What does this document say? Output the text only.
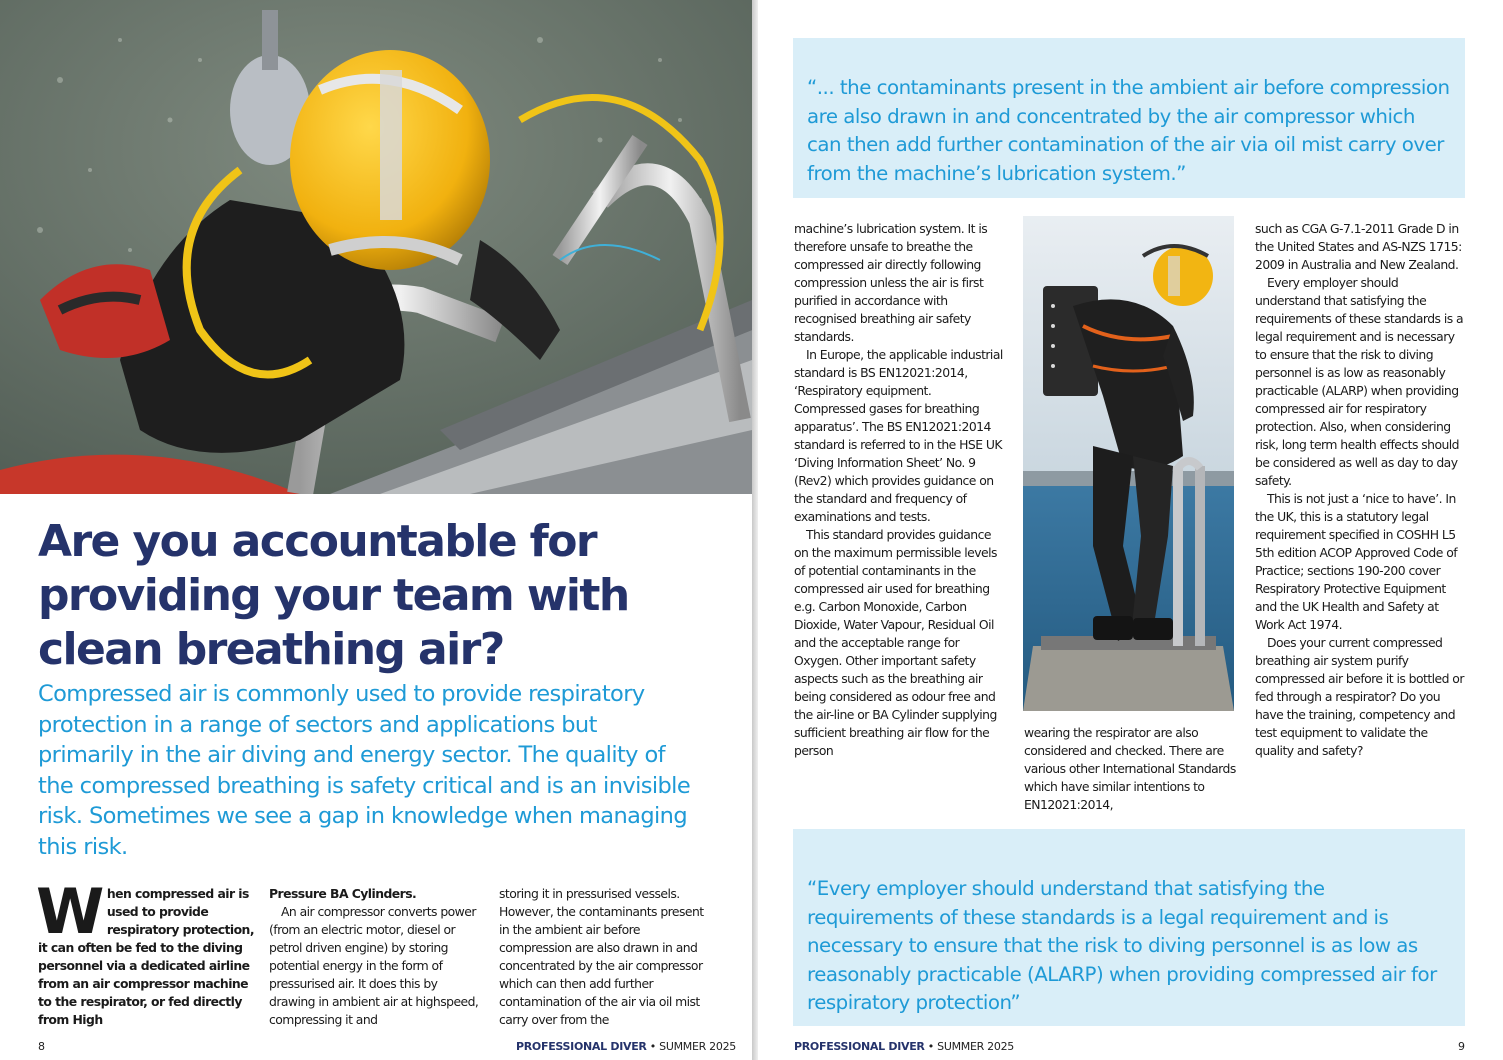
Are you accountable for providing your team with clean breathing air?

Compressed air is commonly used to provide respiratory protection in a range of sectors and applications but primarily in the air diving and energy sector. The quality of the compressed breathing is safety critical and is an invisible risk. Sometimes we see a gap in knowledge when managing this risk.

W hen compressed air is used to provide respiratory protection, it can often be fed to the diving personnel via a dedicated airline from an air compressor machine to the respirator, or fed directly from High
Pressure BA Cylinders.
An air compressor converts power (from an electric motor, diesel or petrol driven engine) by storing potential energy in the form of pressurised air. It does this by drawing in ambient air at highspeed, compressing it and
storing it in pressurised vessels. However, the contaminants present in the ambient air before compression are also drawn in and concentrated by the air compressor which can then add further contamination of the air via oil mist carry over from the
8	PROFESSIONAL DIVER • SUMMER 2025
“... the contaminants present in the ambient air before compression are also drawn in and concentrated by the air compressor which can then add further contamination of the air via oil mist carry over from the machine’s lubrication system.”

machine’s lubrication system. It is therefore unsafe to breathe the compressed air directly following compression unless the air is first purified in accordance with recognised breathing air safety standards.

In Europe, the applicable industrial standard is BS EN12021:2014, ‘Respiratory equipment. Compressed gases for breathing apparatus’. The BS EN12021:2014 standard is referred to in the HSE UK ‘Diving Information Sheet’ No. 9 (Rev2) which provides guidance on the standard and frequency of examinations and tests.

This standard provides guidance on the maximum permissible levels of potential contaminants in the compressed air used for breathing e.g. Carbon Monoxide, Carbon Dioxide, Water Vapour, Residual Oil and the acceptable range for Oxygen. Other important safety aspects such as the breathing air being considered as odour free and the air-line or BA Cylinder supplying sufficient breathing air flow for the person

wearing the respirator are also considered and checked. There are various other International Standards which have similar intentions to EN12021:2014,

such as CGA G-7.1-2011 Grade D in the United States and AS-NZS 1715: 2009 in Australia and New Zealand.

Every employer should understand that satisfying the requirements of these standards is a legal requirement and is necessary to ensure that the risk to diving personnel is as low as reasonably practicable (ALARP) when providing compressed air for respiratory protection. Also, when considering risk, long term health effects should be considered as well as day to day safety.

This is not just a ‘nice to have’. In the UK, this is a statutory legal requirement specified in COSHH L5 5th edition ACOP Approved Code of Practice; sections 190-200 cover Respiratory Protective Equipment and the UK Health and Safety at Work Act 1974.

Does your current compressed breathing air system purify compressed air before it is bottled or fed through a respirator? Do you have the training, competency and test equipment to validate the quality and safety?

“Every employer should understand that satisfying the requirements of these standards is a legal requirement and is necessary to ensure that the risk to diving personnel is as low as reasonably practicable (ALARP) when providing compressed air for respiratory protection”
PROFESSIONAL DIVER • SUMMER 2025	9
